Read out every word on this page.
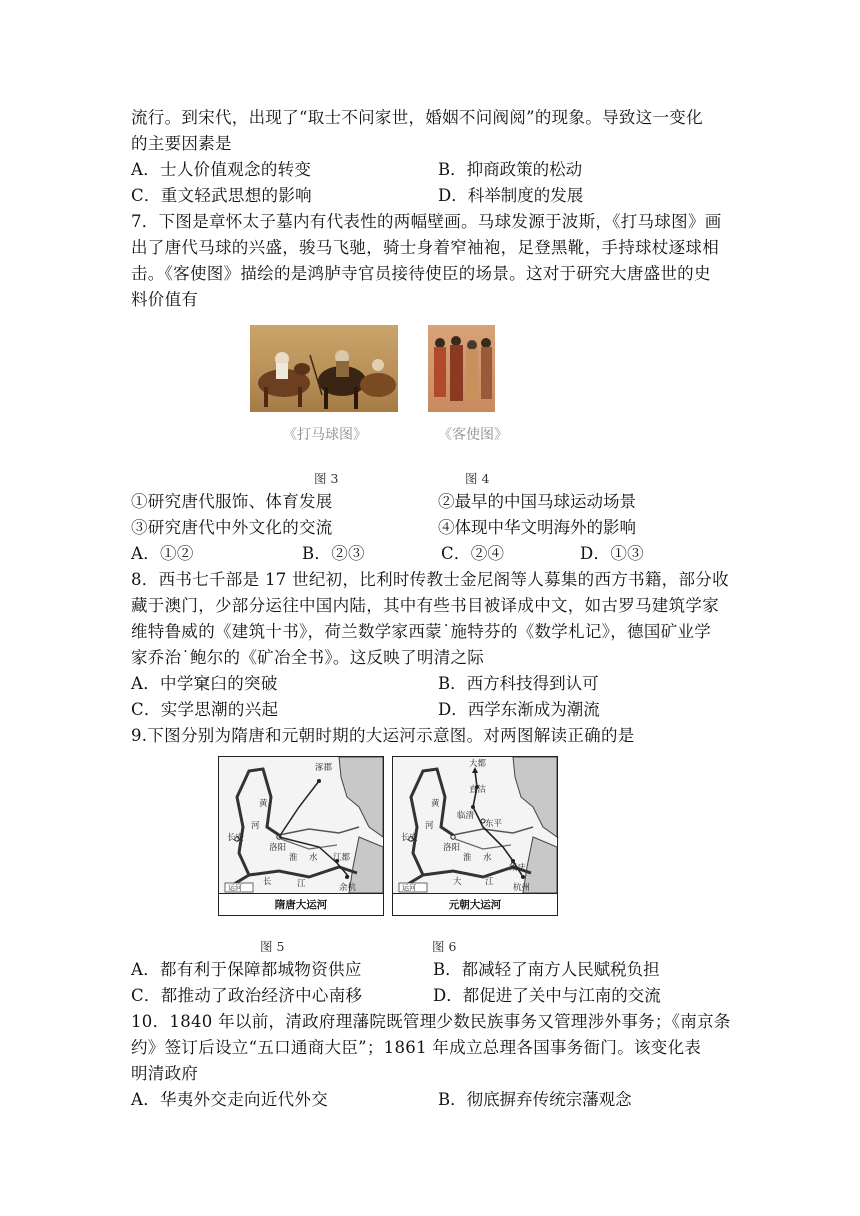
流行。到宋代，出现了“取士不问家世，婚姻不问阀阅”的现象。导致这一变化
的主要因素是
A．士人价值观念的转变	B．抑商政策的松动
C．重文轻武思想的影响	D．科举制度的发展
7．下图是章怀太子墓内有代表性的两幅壁画。马球发源于波斯，《打马球图》画
出了唐代马球的兴盛，骏马飞驰，骑士身着窄袖袍，足登黑靴，手持球杖逐球相
击。《客使图》描绘的是鸿胪寺官员接待使臣的场景。这对于研究大唐盛世的史
料价值有
《打马球图》	《客使图》
图 3	图 4
①研究唐代服饰、体育发展	②最早的中国马球运动场景
③研究唐代中外文化的交流	④体现中华文明海外的影响
A．①②	B．②③	C．②④	D．①③
8．西书七千部是 17 世纪初，比利时传教士金尼阁等人募集的西方书籍，部分收
藏于澳门，少部分运往中国内陆，其中有些书目被译成中文，如古罗马建筑学家
维特鲁威的《建筑十书》，荷兰数学家西蒙˙施特芬的《数学札记》，德国矿业学
家乔治˙鲍尔的《矿冶全书》。这反映了明清之际
A．中学窠臼的突破	B．西方科技得到认可
C．实学思潮的兴起	D．西学东渐成为潮流
9.下图分别为隋唐和元朝时期的大运河示意图。对两图解读正确的是
涿郡
黄
河
长安
洛阳
淮 水 江都
长	江	余杭
运河
隋唐大运河
大都
直沽
黄
临清
东平
河
长安
洛阳
淮 水
集庆
大	江
杭州
运河
元朝大运河
图 5	图 6
A．都有利于保障都城物资供应	B．都减轻了南方人民赋税负担
C．都推动了政治经济中心南移	D．都促进了关中与江南的交流
10．1840 年以前，清政府理藩院既管理少数民族事务又管理涉外事务；《南京条
约》签订后设立“五口通商大臣”；1861 年成立总理各国事务衙门。该变化表
明清政府
A．华夷外交走向近代外交	B．彻底摒弃传统宗藩观念
